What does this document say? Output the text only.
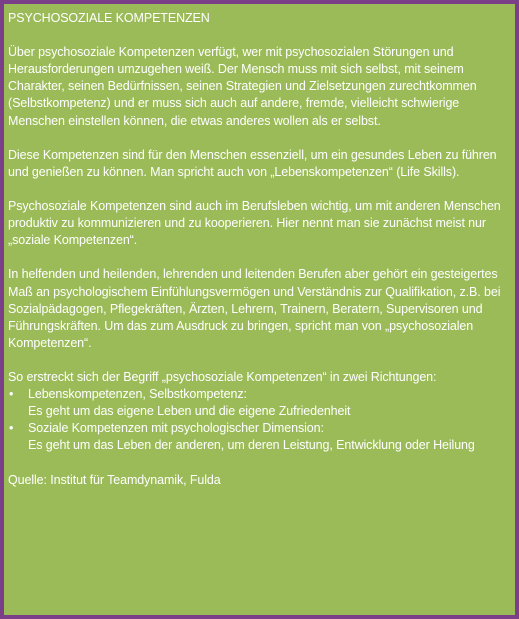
PSYCHOSOZIALE KOMPETENZEN

Über psychosoziale Kompetenzen verfügt, wer mit psychosozialen Störungen und Herausforderungen umzugehen weiß. Der Mensch muss mit sich selbst, mit seinem Charakter, seinen Bedürfnissen, seinen Strategien und Zielsetzungen zurechtkommen (Selbstkompetenz) und er muss sich auch auf andere, fremde, vielleicht schwierige Menschen einstellen können, die etwas anderes wollen als er selbst.

Diese Kompetenzen sind für den Menschen essenziell, um ein gesundes Leben zu führen und genießen zu können. Man spricht auch von „Lebenskompetenzen“ (Life Skills).

Psychosoziale Kompetenzen sind auch im Berufsleben wichtig, um mit anderen Menschen produktiv zu kommunizieren und zu kooperieren. Hier nennt man sie zunächst meist nur „soziale Kompetenzen“.

In helfenden und heilenden, lehrenden und leitenden Berufen aber gehört ein gesteigertes Maß an psychologischem Einfühlungsvermögen und Verständnis zur Qualifikation, z.B. bei Sozialpädagogen, Pflegekräften, Ärzten, Lehrern, Trainern, Beratern, Supervisoren und Führungskräften. Um das zum Ausdruck zu bringen, spricht man von „psychosozialen Kompetenzen“.

So erstreckt sich der Begriff „psychosoziale Kompetenzen“ in zwei Richtungen:
• Lebenskompetenzen, Selbstkompetenz:
Es geht um das eigene Leben und die eigene Zufriedenheit
• Soziale Kompetenzen mit psychologischer Dimension:
Es geht um das Leben der anderen, um deren Leistung, Entwicklung oder Heilung

Quelle: Institut für Teamdynamik, Fulda
